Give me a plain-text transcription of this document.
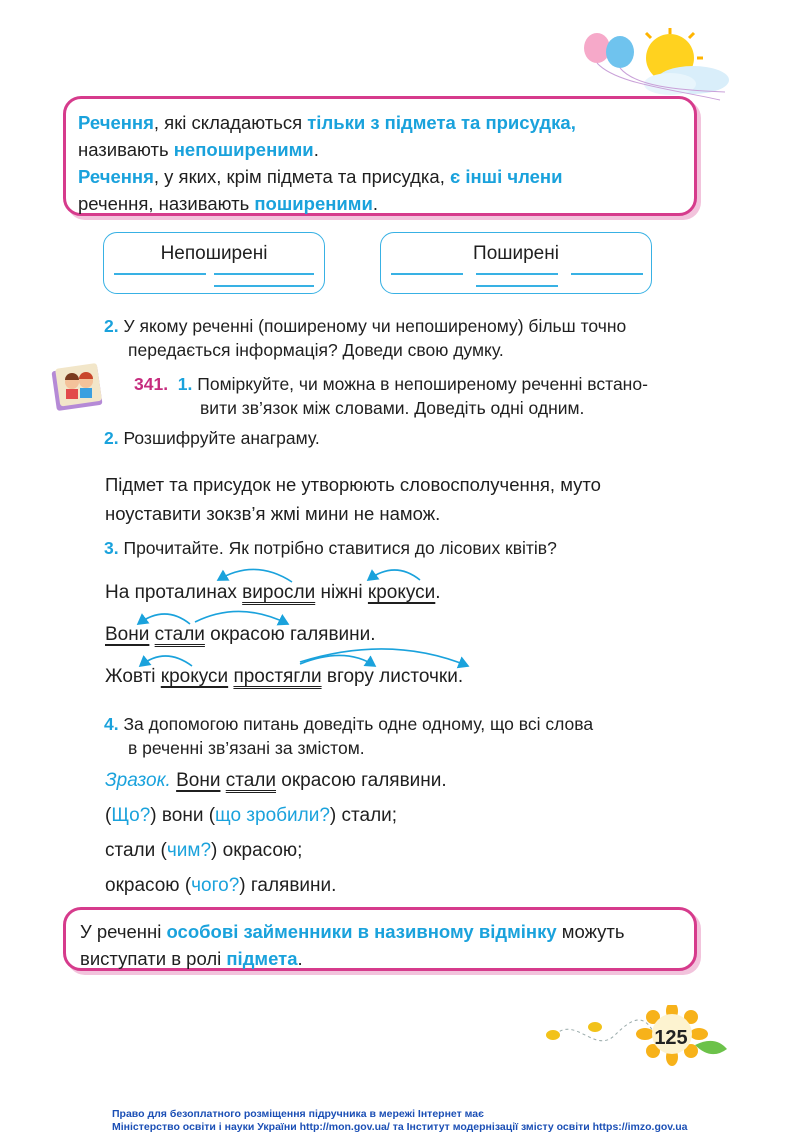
Речення, які складаються тільки з підмета та присудка,

називають непоширеними.

Речення, у яких, крім підмета та присудка, є інші члени

речення, називають поширеними.

Непоширені	Поширені
2. У якому реченні (поширеному чи непоширеному) більш точно
передається інформація? Доведи свою думку.
341. 1. Поміркуйте, чи можна в непоширеному реченні встано-
вити зв’язок між словами. Доведіть одні одним.
2. Розшифруйте анаграму.
Підмет та присудок не утворюють словосполучення, муто
ноуставити зокзв’я жмі мини не намож.
3. Прочитайте. Як потрібно ставитися до лісових квітів?
На проталинах виросли ніжні крокуси.
Вони стали окрасою галявини.
Жовті крокуси простягли вгору листочки.
4. За допомогою питань доведіть одне одному, що всі слова
в реченні зв’язані за змістом.
Зразок. Вони стали окрасою галявини.
(Що?) вони (що зробили?) стали;
стали (чим?) окрасою;
окрасою (чого?) галявини.

У реченні особові займенники в називному відмінку можуть

виступати в ролі підмета.

125
Право для безоплатного розміщення підручника в мережі Інтернет має
Міністерство освіти і науки України http://mon.gov.ua/ та Інститут модернізації змісту освіти https://imzo.gov.ua
